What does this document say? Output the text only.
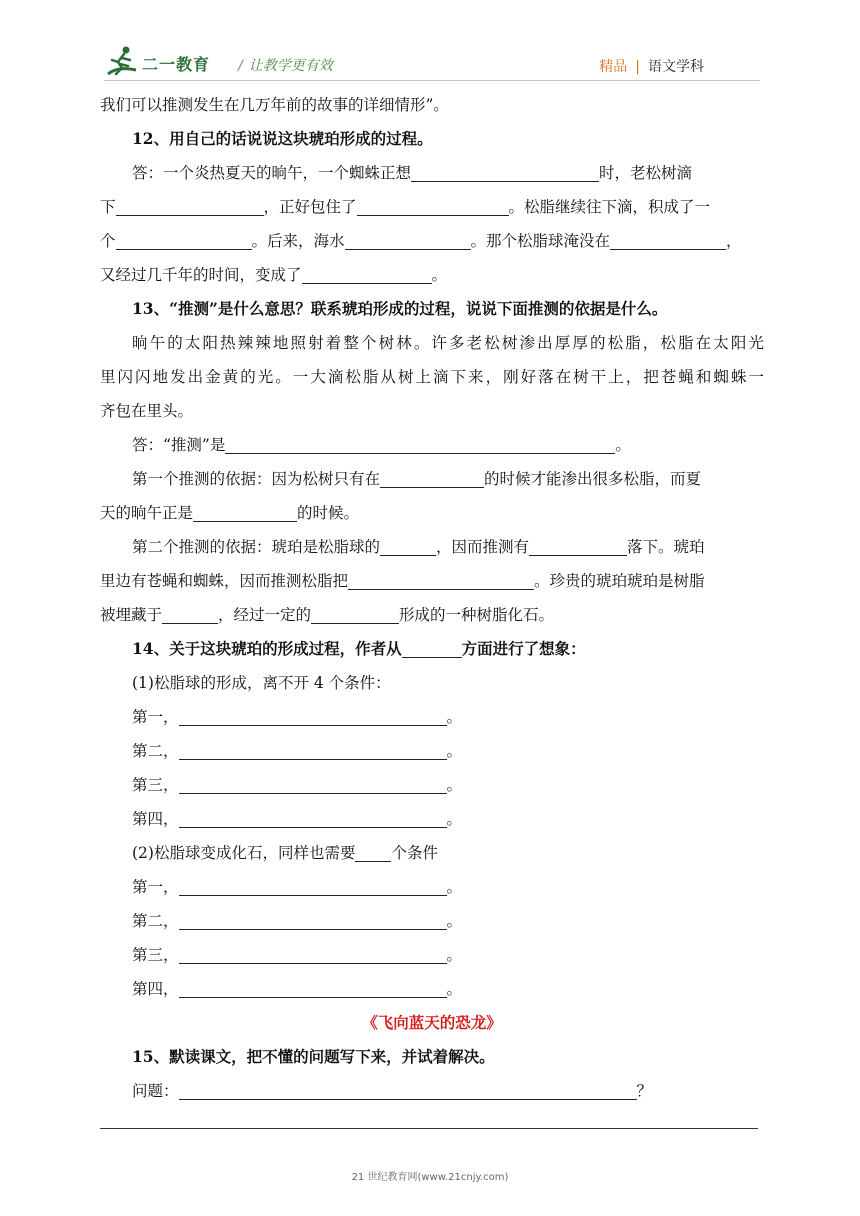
二一教育 / 让教学更有效	精品 | 语文学科
我们可以推测发生在几万年前的故事的详细情形”。
12、用自己的话说说这块琥珀形成的过程。
答：一个炎热夏天的晌午，一个蜘蛛正想	时，老松树滴
下	，正好包住了	。松脂继续往下滴，积成了一
个	。后来，海水	。那个松脂球淹没在	，
又经过几千年的时间，变成了	。
13、“推测”是什么意思？联系琥珀形成的过程，说说下面推测的依据是什么。
晌午的太阳热辣辣地照射着整个树林。许多老松树渗出厚厚的松脂，松脂在太阳光
里闪闪地发出金黄的光。一大滴松脂从树上滴下来，刚好落在树干上，把苍蝇和蜘蛛一
齐包在里头。
答：“推测”是	。
第一个推测的依据：因为松树只有在	的时候才能渗出很多松脂，而夏
天的晌午正是	的时候。
第二个推测的依据：琥珀是松脂球的	，因而推测有	落下。琥珀
里边有苍蝇和蜘蛛，因而推测松脂把	。珍贵的琥珀琥珀是树脂
被埋藏于	，经过一定的	形成的一种树脂化石。
14、关于这块琥珀的形成过程，作者从	方面进行了想象：
(1)松脂球的形成，离不开 4 个条件：
第一，	。
第二，	。
第三，	。
第四，	。
(2)松脂球变成化石，同样也需要 个条件
第一，	。
第二，	。
第三，	。
第四，	。
《飞向蓝天的恐龙》
15、默读课文，把不懂的问题写下来，并试着解决。
问题：	？
21 世纪教育网(www.21cnjy.com)
